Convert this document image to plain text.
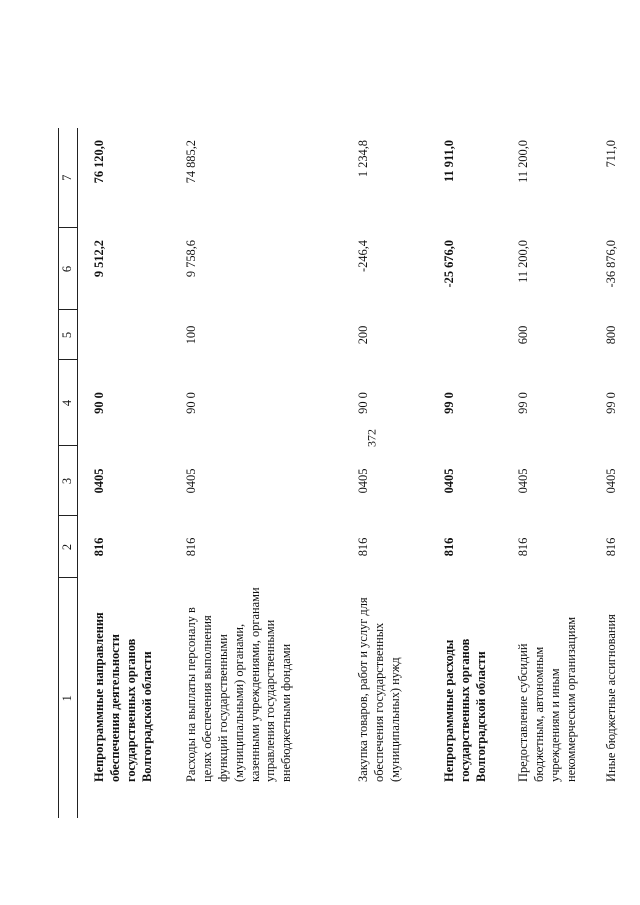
372
1	2	3	4	5	6	7
Непрограммные направления обеспечения деятельности государственных органов Волгоградской области	816	0405	90 0		9 512,2	76 120,0
Расходы на выплаты персоналу в целях обеспечения выполнения функций государственными (муниципальными) органами, казенными учреждениями, органами управления государственными внебюджетными фондами	816	0405	90 0	100	9 758,6	74 885,2
Закупка товаров, работ и услуг для обеспечения государственных (муниципальных) нужд	816	0405	90 0	200	-246,4	1 234,8
Непрограммные расходы государственных органов Волгоградской области	816	0405	99 0		-25 676,0	11 911,0
Предоставление субсидий бюджетным, автономным учреждениям и иным некоммерческим организациям	816	0405	99 0	600	11 200,0	11 200,0
Иные бюджетные ассигнования	816	0405	99 0	800	-36 876,0	711,0
